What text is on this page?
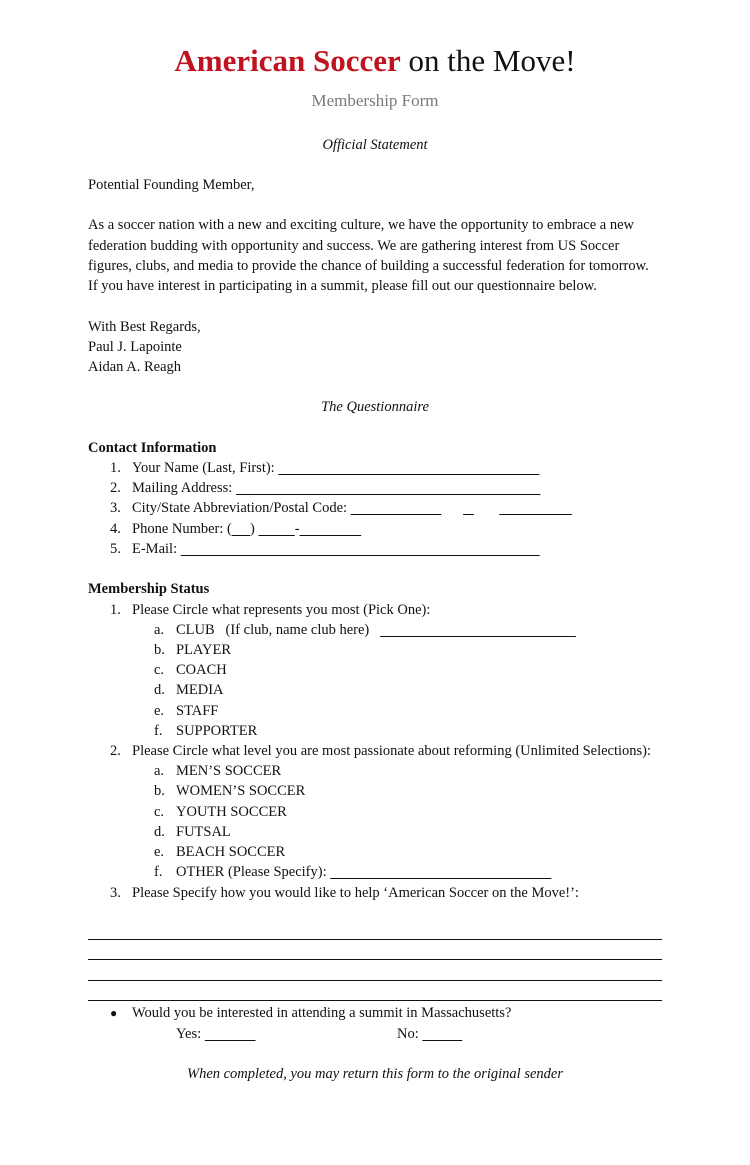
American Soccer on the Move!
Membership Form
Official Statement
Potential Founding Member,
As a soccer nation with a new and exciting culture, we have the opportunity to embrace a new
federation budding with opportunity and success. We are gathering interest from US Soccer
figures, clubs, and media to provide the chance of building a successful federation for tomorrow.
If you have interest in participating in a summit, please fill out our questionnaire below.
With Best Regards,
Paul J. Lapointe
Aidan A. Reagh
The Questionnaire
Contact Information
1. Your Name (Last, First):
2. Mailing Address:
3. City/State Abbreviation/Postal Code:
4. Phone Number: ( )	-
5. E-Mail:
Membership Status
1. Please Circle what represents you most (Pick One):
a. CLUB   (If club, name club here)
b. PLAYER
c. COACH
d. MEDIA
e. STAFF
f. SUPPORTER
2. Please Circle what level you are most passionate about reforming (Unlimited Selections):
a. MEN’S SOCCER
b. WOMEN’S SOCCER
c. YOUTH SOCCER
d. FUTSAL
e. BEACH SOCCER
f. OTHER (Please Specify):
3. Please Specify how you would like to help ‘American Soccer on the Move!’:
● Would you be interested in attending a summit in Massachusetts?
Yes:	No:
When completed, you may return this form to the original sender
